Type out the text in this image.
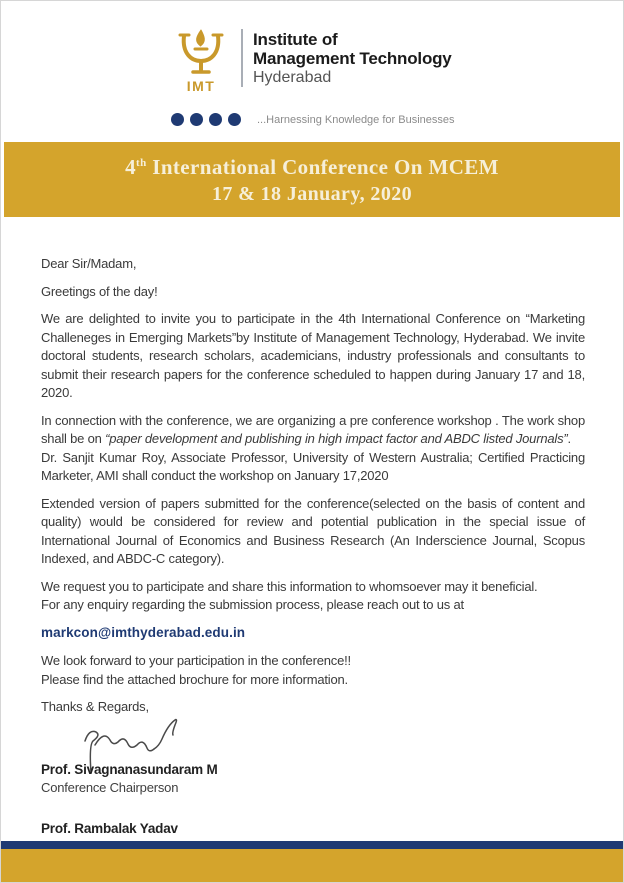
IMT
Institute of
Management Technology
Hyderabad
...Harnessing Knowledge for Businesses
4th International Conference On MCEM
17 & 18 January, 2020

Dear Sir/Madam,

Greetings of the day!

We are delighted to invite you to participate in the 4th International Conference on “Marketing Challeneges in Emerging Markets”by Institute of Management Technology, Hyderabad. We invite doctoral students, research scholars, academicians, industry professionals and consultants to submit their research papers for the conference scheduled to happen during January 17 and 18, 2020.

In connection with the conference, we are organizing a pre conference workshop . The work shop shall be on “paper development and publishing in high impact factor and ABDC listed Journals”.
Dr. Sanjit Kumar Roy, Associate Professor, University of Western Australia; Certified Practicing Marketer, AMI shall conduct the workshop on January 17,2020

Extended version of papers submitted for the conference(selected on the basis of content and quality) would be considered for review and potential publication in the special issue of International Journal of Economics and Business Research (An Inderscience Journal, Scopus Indexed, and ABDC-C category).

We request you to participate and share this information to whomsoever may it beneficial.
For any enquiry regarding the submission process, please reach out to us at

markcon@imthyderabad.edu.in

We look forward to your participation in the conference!!
Please find the attached brochure for more information.

Thanks & Regards,

Prof. Sivagnanasundaram M
Conference Chairperson
Prof. Rambalak Yadav
